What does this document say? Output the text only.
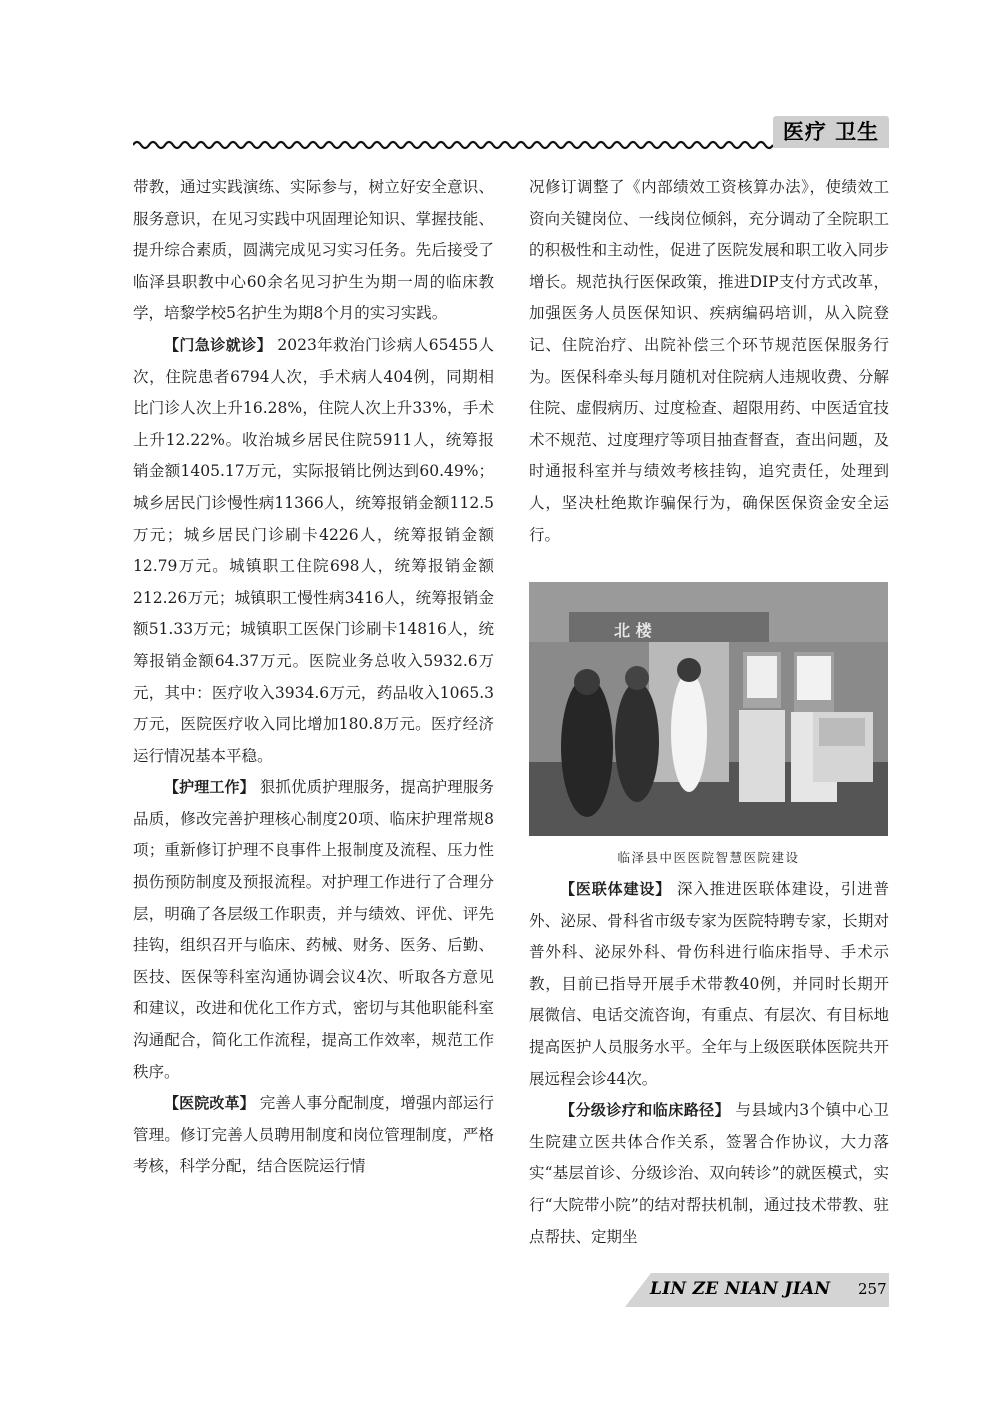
医疗 卫生

带教，通过实践演练、实际参与，树立好安全意识、服务意识，在见习实践中巩固理论知识、掌握技能、提升综合素质，圆满完成见习实习任务。先后接受了临泽县职教中心60余名见习护生为期一周的临床教学，培黎学校5名护生为期8个月的实习实践。

【门急诊就诊】 2023年救治门诊病人65455人次，住院患者6794人次，手术病人404例，同期相比门诊人次上升16.28%，住院人次上升33%，手术上升12.22%。收治城乡居民住院5911人，统筹报销金额1405.17万元，实际报销比例达到60.49%；城乡居民门诊慢性病11366人，统筹报销金额112.5万元；城乡居民门诊刷卡4226人，统筹报销金额12.79万元。城镇职工住院698人，统筹报销金额212.26万元；城镇职工慢性病3416人，统筹报销金额51.33万元；城镇职工医保门诊刷卡14816人，统筹报销金额64.37万元。医院业务总收入5932.6万元，其中：医疗收入3934.6万元，药品收入1065.3万元，医院医疗收入同比增加180.8万元。医疗经济运行情况基本平稳。

【护理工作】 狠抓优质护理服务，提高护理服务品质，修改完善护理核心制度20项、临床护理常规8项；重新修订护理不良事件上报制度及流程、压力性损伤预防制度及预报流程。对护理工作进行了合理分层，明确了各层级工作职责，并与绩效、评优、评先挂钩，组织召开与临床、药械、财务、医务、后勤、医技、医保等科室沟通协调会议4次、听取各方意见和建议，改进和优化工作方式，密切与其他职能科室沟通配合，简化工作流程，提高工作效率，规范工作秩序。

【医院改革】 完善人事分配制度，增强内部运行管理。修订完善人员聘用制度和岗位管理制度，严格考核，科学分配，结合医院运行情

况修订调整了《内部绩效工资核算办法》，使绩效工资向关键岗位、一线岗位倾斜，充分调动了全院职工的积极性和主动性，促进了医院发展和职工收入同步增长。规范执行医保政策，推进DIP支付方式改革，加强医务人员医保知识、疾病编码培训，从入院登记、住院治疗、出院补偿三个环节规范医保服务行为。医保科牵头每月随机对住院病人违规收费、分解住院、虚假病历、过度检查、超限用药、中医适宜技术不规范、过度理疗等项目抽查督查，查出问题，及时通报科室并与绩效考核挂钩，追究责任，处理到人，坚决杜绝欺诈骗保行为，确保医保资金安全运行。

北 楼
临泽县中医医院智慧医院建设

【医联体建设】 深入推进医联体建设，引进普外、泌尿、骨科省市级专家为医院特聘专家，长期对普外科、泌尿外科、骨伤科进行临床指导、手术示教，目前已指导开展手术带教40例，并同时长期开展微信、电话交流咨询，有重点、有层次、有目标地提高医护人员服务水平。全年与上级医联体医院共开展远程会诊44次。

【分级诊疗和临床路径】 与县域内3个镇中心卫生院建立医共体合作关系，签署合作协议，大力落实“基层首诊、分级诊治、双向转诊”的就医模式，实行“大院带小院”的结对帮扶机制，通过技术带教、驻点帮扶、定期坐

LIN ZE NIAN JIAN 257
